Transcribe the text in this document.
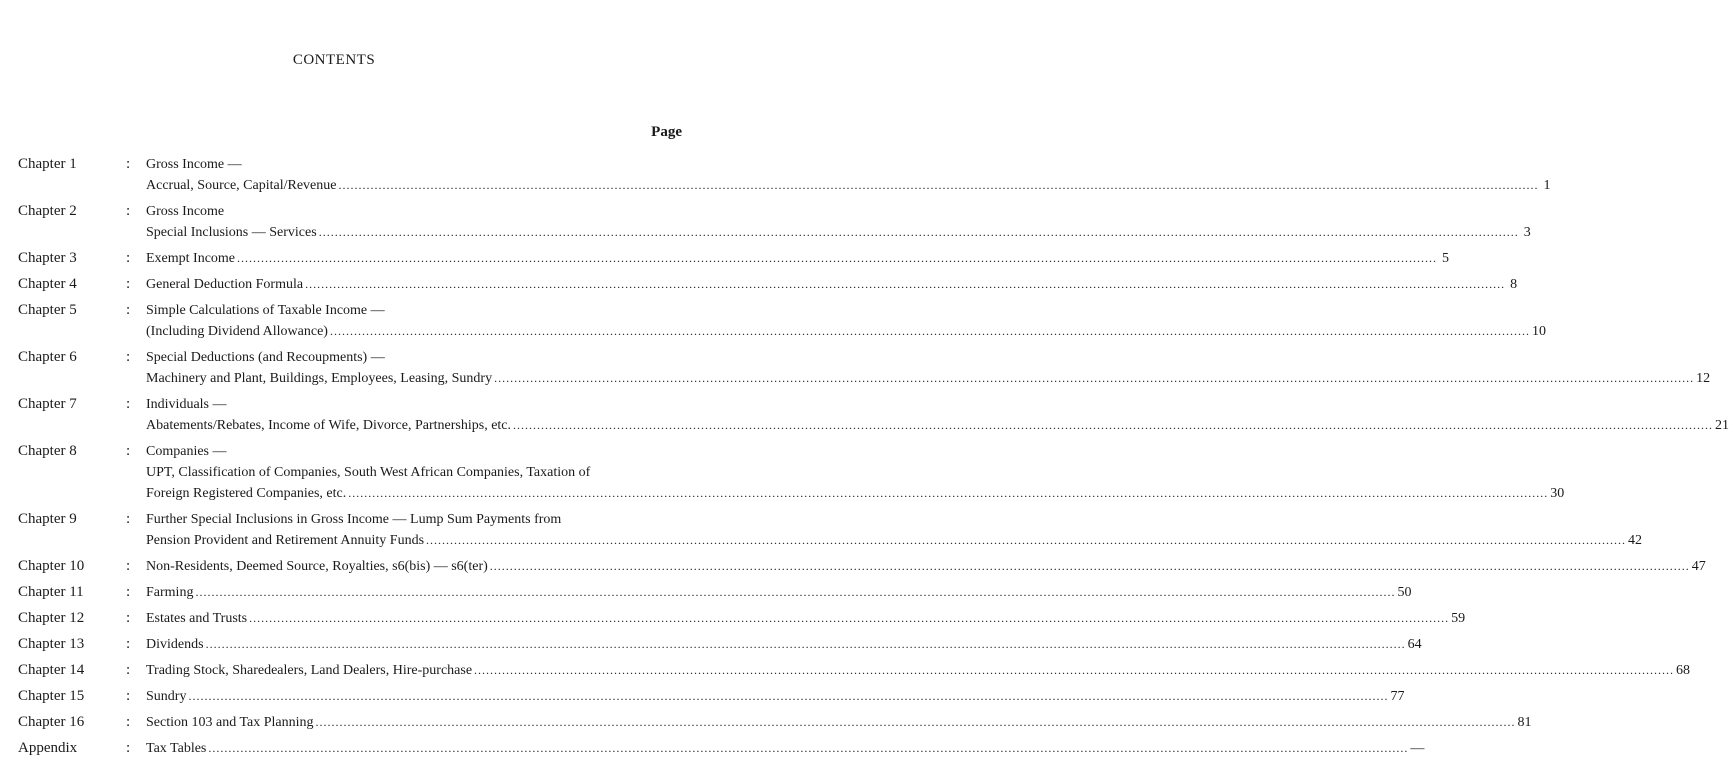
CONTENTS
Page
Chapter 1	: Gross Income —
Accrual, Source, Capital/Revenue ............................................................................................................................................................................................................................................................................................................ 1
Chapter 2	: Gross Income
Special Inclusions — Services ............................................................................................................................................................................................................................................................................................................ 3
Chapter 3	: Exempt Income ............................................................................................................................................................................................................................................................................................................ 5
Chapter 4	: General Deduction Formula ............................................................................................................................................................................................................................................................................................................ 8
Chapter 5	: Simple Calculations of Taxable Income —
(Including Dividend Allowance) ............................................................................................................................................................................................................................................................................................................ 10
Chapter 6	: Special Deductions (and Recoupments) —
Machinery and Plant, Buildings, Employees, Leasing, Sundry ............................................................................................................................................................................................................................................................................................................ 12
Chapter 7	: Individuals —
Abatements/Rebates, Income of Wife, Divorce, Partnerships, etc. ............................................................................................................................................................................................................................................................................................................ 21
Chapter 8	: Companies —
UPT, Classification of Companies, South West African Companies, Taxation of
Foreign Registered Companies, etc. ............................................................................................................................................................................................................................................................................................................ 30
Chapter 9	: Further Special Inclusions in Gross Income — Lump Sum Payments from
Pension Provident and Retirement Annuity Funds ............................................................................................................................................................................................................................................................................................................ 42
Chapter 10	: Non-Residents, Deemed Source, Royalties, s6(bis) — s6(ter) ............................................................................................................................................................................................................................................................................................................ 47
Chapter 11	: Farming ............................................................................................................................................................................................................................................................................................................ 50
Chapter 12	: Estates and Trusts ............................................................................................................................................................................................................................................................................................................ 59
Chapter 13	: Dividends ............................................................................................................................................................................................................................................................................................................ 64
Chapter 14	: Trading Stock, Sharedealers, Land Dealers, Hire-purchase ............................................................................................................................................................................................................................................................................................................ 68
Chapter 15	: Sundry ............................................................................................................................................................................................................................................................................................................ 77
Chapter 16	: Section 103 and Tax Planning ............................................................................................................................................................................................................................................................................................................ 81
Appendix	: Tax Tables ............................................................................................................................................................................................................................................................................................................ —
